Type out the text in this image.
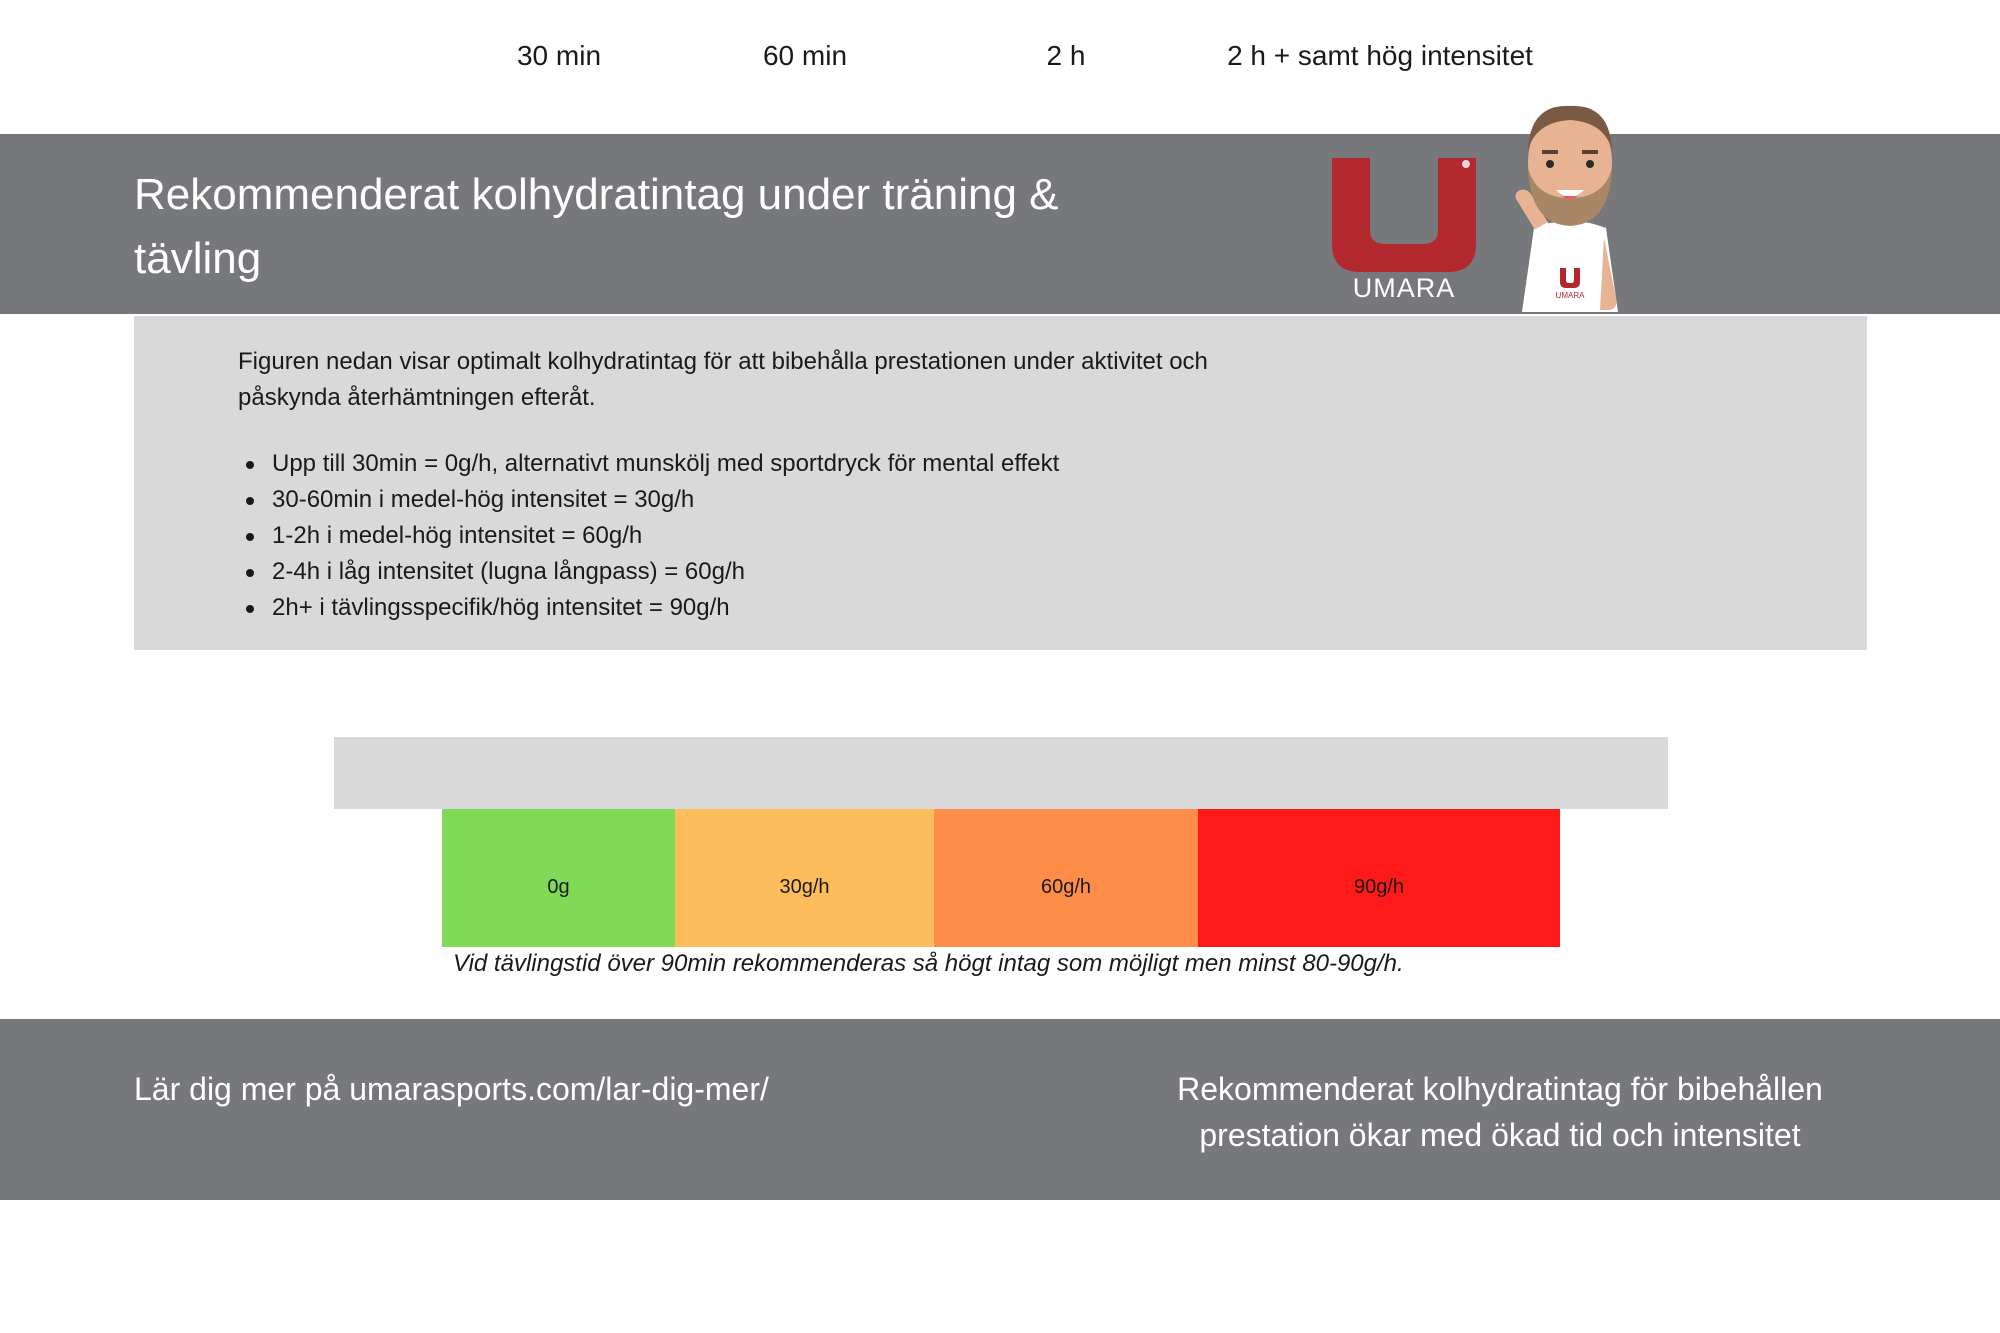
Rekommenderat kolhydratintag under träning & tävling
UMARA	UMARA

Figuren nedan visar optimalt kolhydratintag för att bibehålla prestationen under aktivitet och påskynda återhämtningen efteråt.

Upp till 30min = 0g/h, alternativt munskölj med sportdryck för mental effekt
30-60min i medel-hög intensitet = 30g/h
1-2h i medel-hög intensitet = 60g/h
2-4h i låg intensitet (lugna långpass) = 60g/h
2h+ i tävlingsspecifik/hög intensitet = 90g/h
30 min	60 min	2 h	2 h + samt hög intensitet
0g	30g/h	60g/h	90g/h
Vid tävlingstid över 90min rekommenderas så högt intag som möjligt men minst 80-90g/h.
Lär dig mer på umarasports.com/lar-dig-mer/	Rekommenderat kolhydratintag för bibehållen prestation ökar med ökad tid och intensitet
